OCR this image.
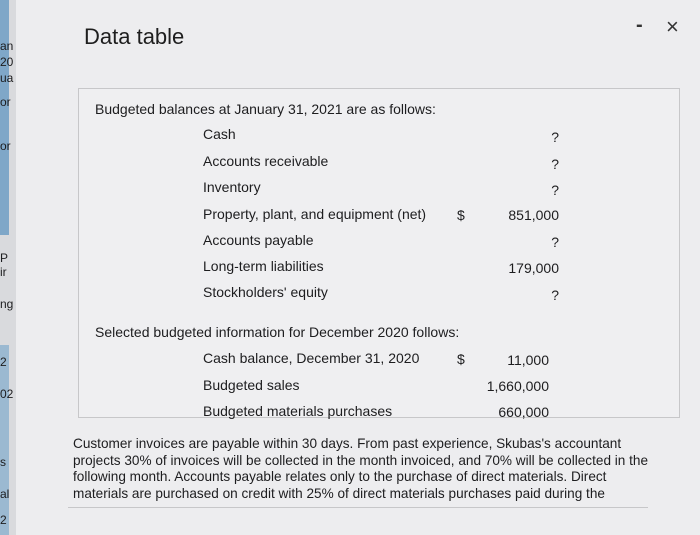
an
20
ua
or
or
P
ir
ng
2
02
s
al
2
Data table	- ×
Budgeted balances at January 31, 2021 are as follows:
Cash	?
Accounts receivable	?
Inventory	?
Property, plant, and equipment (net) $	851,000
Accounts payable	?
Long-term liabilities	179,000
Stockholders' equity	?
Selected budgeted information for December 2020 follows:
Cash balance, December 31, 2020	$	11,000
Budgeted sales	1,660,000
Budgeted materials purchases	660,000
Customer invoices are payable within 30 days. From past experience, Skubas's accountant projects 30% of invoices will be collected in the month invoiced, and 70% will be collected in the following month. Accounts payable relates only to the purchase of direct materials. Direct materials are purchased on credit with 25% of direct materials purchases paid during the
